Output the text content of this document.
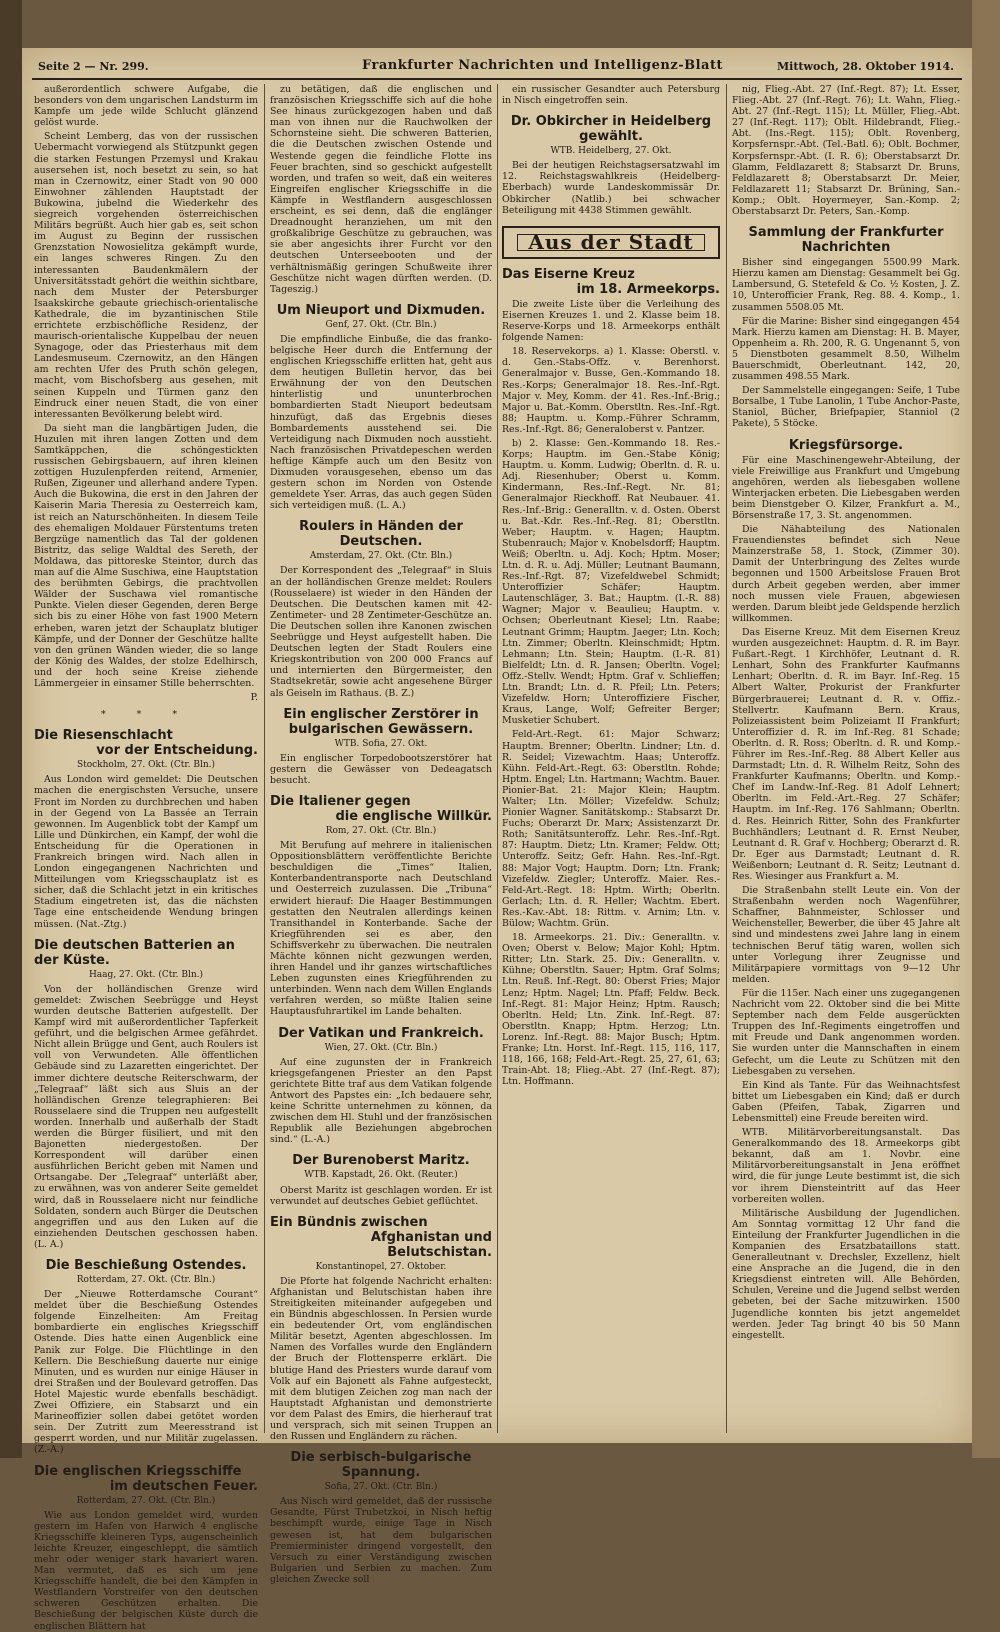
Seite 2 — Nr. 299.	Frankfurter Nachrichten und Intelligenz-Blatt	Mittwoch, 28. Oktober 1914.

außerordentlich schwere Aufgabe, die besonders von dem ungarischen Landsturm im Kampfe um jede wilde Schlucht glänzend gelöst wurde.

Scheint Lemberg, das von der russischen Uebermacht vorwiegend als Stützpunkt gegen die starken Festungen Przemysl und Krakau ausersehen ist, noch besetzt zu sein, so hat man in Czernowitz, einer Stadt von 90 000 Einwohner zählenden Hauptstadt der Bukowina, jubelnd die Wiederkehr des siegreich vorgehenden österreichischen Militärs begrüßt. Auch hier gab es, seit schon im August zu Beginn der russischen Grenzstation Nowosielitza gekämpft wurde, ein langes schweres Ringen. Zu den interessanten Baudenkmälern der Universitätsstadt gehört die weithin sichtbare, nach dem Muster der Petersburger Isaakskirche gebaute griechisch-orientalische Kathedrale, die im byzantinischen Stile errichtete erzbischöfliche Residenz, der maurisch-orientalische Kuppelbau der neuen Synagoge, oder das Priesterhaus mit dem Landesmuseum. Czernowitz, an den Hängen am rechten Ufer des Pruth schön gelegen, macht, vom Bischofsberg aus gesehen, mit seinen Kuppeln und Türmen ganz den Eindruck einer neuen Stadt, die von einer interessanten Bevölkerung belebt wird.

Da sieht man die langbärtigen Juden, die Huzulen mit ihren langen Zotten und dem Samtkäppchen, die schöngestickten russischen Gebirgsbauern, auf ihren kleinen zottigen Huzulenpferden reitend, Armenier, Rußen, Zigeuner und allerhand andere Typen. Auch die Bukowina, die erst in den Jahren der Kaiserin Maria Theresia zu Oesterreich kam, ist reich an Naturschönheiten. In diesem Teile des ehemaligen Moldauer Fürstentums treten Bergzüge namentlich das Tal der goldenen Bistritz, das selige Waldtal des Sereth, der Moldawa, das pittoreske Steintor, durch das man auf die Alme Suschiwa, eine Hauptstation des berühmten Gebirgs, die prachtvollen Wälder der Suschawa viel romantische Punkte. Vielen dieser Gegenden, deren Berge sich bis zu einer Höhe von fast 1900 Metern erheben, waren jetzt der Schauplatz blutiger Kämpfe, und der Donner der Geschütze hallte von den grünen Wänden wieder, die so lange der König des Waldes, der stolze Edelhirsch, und der hoch seine Kreise ziehende Lämmergeier in einsamer Stille beherrschten.

P.
* * *
Die Riesenschlacht
vor der Entscheidung.
Stockholm, 27. Okt. (Ctr. Bln.)

Aus London wird gemeldet: Die Deutschen machen die energischsten Versuche, unsere Front im Norden zu durchbrechen und haben in der Gegend von La Bassée an Terrain gewonnen. Im Augenblick tobt der Kampf um Lille und Dünkirchen, ein Kampf, der wohl die Entscheidung für die Operationen in Frankreich bringen wird. Nach allen in London eingegangenen Nachrichten und Mitteilungen vom Kriegsschauplatz ist es sicher, daß die Schlacht jetzt in ein kritisches Stadium eingetreten ist, das die nächsten Tage eine entscheidende Wendung bringen müssen. (Nat.-Ztg.)

Die deutschen Batterien an der Küste.
Haag, 27. Okt. (Ctr. Bln.)

Von der holländischen Grenze wird gemeldet: Zwischen Seebrügge und Heyst wurden deutsche Batterien aufgestellt. Der Kampf wird mit außerordentlicher Tapferkeit geführt, und die belgischen Armee gefährdet. Nicht allein Brügge und Gent, auch Roulers ist voll von Verwundeten. Alle öffentlichen Gebäude sind zu Lazaretten eingerichtet. Der immer dichtere deutsche Reiterschwarm, der „Telegraaf“ läßt sich aus Sluis an der holländischen Grenze telegraphieren: Bei Rousselaere sind die Truppen neu aufgestellt worden. Innerhalb und außerhalb der Stadt werden die Bürger füsiliert, und mit den Bajonetten niedergestoßen. Der Korrespondent will darüber einen ausführlichen Bericht geben mit Namen und Ortsangabe. Der „Telegraaf“ unterläßt aber, zu erwähnen, was von anderer Seite gemeldet wird, daß in Rousselaere nicht nur feindliche Soldaten, sondern auch Bürger die Deutschen angegriffen und aus den Luken auf die einziehenden Deutschen geschossen haben. (L. A.)

Die Beschießung Ostendes.
Rotterdam, 27. Okt. (Ctr. Bln.)

Der „Nieuwe Rotterdamsche Courant“ meldet über die Beschießung Ostendes folgende Einzelheiten: Am Freitag bombardierte ein englisches Kriegsschiff Ostende. Dies hatte einen Augenblick eine Panik zur Folge. Die Flüchtlinge in den Kellern. Die Beschießung dauerte nur einige Minuten, und es wurden nur einige Häuser in drei Straßen und der Boulevard getroffen. Das Hotel Majestic wurde ebenfalls beschädigt. Zwei Offiziere, ein Stabsarzt und ein Marineoffizier sollen dabei getötet worden sein. Der Zutritt zum Meeresstrand ist gesperrt worden, und nur Militär zugelassen. (Z.-A.)

Die englischen Kriegsschiffe
im deutschen Feuer.
Rotterdam, 27. Okt. (Ctr. Bln.)

Wie aus London gemeldet wird, wurden gestern im Hafen von Harwich 4 englische Kriegsschiffe kleineren Typs, augenscheinlich leichte Kreuzer, eingeschleppt, die sämtlich mehr oder weniger stark havariert waren. Man vermutet, daß es sich um jene Kriegsschiffe handelt, die bei den Kämpfen in Westflandern Vorstreifer von den deutschen schweren Geschützen erhalten. Die Beschießung der belgischen Küste durch die englischen Blättern hat

zu betätigen, daß die englischen und französischen Kriegsschiffe sich auf die hohe See hinaus zurückgezogen haben und daß man von ihnen nur die Rauchwolken der Schornsteine sieht. Die schweren Batterien, die die Deutschen zwischen Ostende und Westende gegen die feindliche Flotte ins Feuer brachten, sind so geschickt aufgestellt worden, und trafen so weit, daß ein weiteres Eingreifen englischer Kriegsschiffe in die Kämpfe in Westflandern ausgeschlossen erscheint, es sei denn, daß die englänger Dreadnought heranziehen, um mit den großkalibrige Geschütze zu gebrauchen, was sie aber angesichts ihrer Furcht vor den deutschen Unterseebooten und der verhältnismäßig geringen Schußweite ihrer Geschütze nicht wagen dürften werden. (D. Tageszig.)

Um Nieuport und Dixmuden.
Genf, 27. Okt. (Ctr. Bln.)

Die empfindliche Einbuße, die das franko-belgische Heer durch die Entfernung der englischen Kriegsschiffe erlitten hat, geht aus dem heutigen Bulletin hervor, das bei Erwähnung der von den Deutschen hinterlistig und ununterbrochen bombardierten Stadt Nieuport bedeutsam hinzufügt, daß das Ergebnis dieses Bombardements ausstehend sei. Die Verteidigung nach Dixmuden noch ausstieht. Nach französischen Privatdepeschen werden heftige Kämpfe auch um den Besitz von Dixmuden vorausgesehen, ebenso um das gestern schon im Norden von Ostende gemeldete Yser. Arras, das auch gegen Süden sich verteidigen muß. (L. A.)

Roulers in Händen der Deutschen.
Amsterdam, 27. Okt. (Ctr. Bln.)

Der Korrespondent des „Telegraaf“ in Sluis an der holländischen Grenze meldet: Roulers (Rousselaere) ist wieder in den Händen der Deutschen. Die Deutschen kamen mit 42-Zentimeter- und 28 Zentimeter-Geschütze an. Die Deutschen sollen ihre Kanonen zwischen Seebrügge und Heyst aufgestellt haben. Die Deutschen legten der Stadt Roulers eine Kriegskontribution von 200 000 Francs auf und internierten den Bürgermeister, den Stadtsekretär, sowie acht angesehene Bürger als Geiseln im Rathaus. (B. Z.)

Ein englischer Zerstörer in bulgarischen Gewässern.
WTB. Sofia, 27. Okt.

Ein englischer Torpedobootszerstörer hat gestern die Gewässer von Dedeagatsch besucht.

Die Italiener gegen
die englische Willkür.
Rom, 27. Okt. (Ctr. Bln.)

Mit Berufung auf mehrere in italienischen Oppositionsblättern veröffentlichte Berichte beschuldigen die „Times“ Italien, Konterbandentransporte nach Deutschland und Oesterreich zuzulassen. Die „Tribuna“ erwidert hierauf: Die Haager Bestimmungen gestatten den Neutralen allerdings keinen Transithandel in Konterbande. Sache der Kriegführenden sei es aber, den Schiffsverkehr zu überwachen. Die neutralen Mächte können nicht gezwungen werden, ihren Handel und ihr ganzes wirtschaftliches Leben zugunsten eines Kriegführenden zu unterbinden. Wenn nach dem Willen Englands verfahren werden, so müßte Italien seine Hauptausfuhrartikel im Lande behalten.

Der Vatikan und Frankreich.
Wien, 27. Okt. (Ctr. Bln.)

Auf eine zugunsten der in Frankreich kriegsgefangenen Priester an den Papst gerichtete Bitte traf aus dem Vatikan folgende Antwort des Papstes ein: „Ich bedauere sehr, keine Schritte unternehmen zu können, da zwischen dem Hl. Stuhl und der französischen Republik alle Beziehungen abgebrochen sind.“ (L.-A.)

Der Burenoberst Maritz.
WTB. Kapstadt, 26. Okt. (Reuter.)

Oberst Maritz ist geschlagen worden. Er ist verwundet auf deutsches Gebiet geflüchtet.

Ein Bündnis zwischen
Afghanistan und Belutschistan.
Konstantinopel, 27. Oktober.

Die Pforte hat folgende Nachricht erhalten: Afghanistan und Belutschistan haben ihre Streitigkeiten miteinander aufgegeben und ein Bündnis abgeschlossen. In Persien wurde ein bedeutender Ort, vom engländischen Militär besetzt, Agenten abgeschlossen. Im Namen des Vorfalles wurde den Engländern der Bruch der Flottensperre erklärt. Die blutige Hand des Priesters wurde darauf vom Volk auf ein Bajonett als Fahne aufgesteckt, mit dem blutigen Zeichen zog man nach der Hauptstadt Afghanistan und demonstrierte vor dem Palast des Emirs, die hierherauf trat und versprach, sich mit seinen Truppen an den Russen und Engländern zu rächen.

Die serbisch-bulgarische Spannung.
Sofia, 27. Okt. (Ctr. Bln.)

Aus Nisch wird gemeldet, daß der russische Gesandte, Fürst Trubetzkoi, in Nisch heftig beschimpft wurde, einige Tage in Nisch gewesen ist, hat dem bulgarischen Premierminister dringend vorgestellt, den Versuch zu einer Verständigung zwischen Bulgarien und Serbien zu machen. Zum gleichen Zwecke soll

ein russischer Gesandter auch Petersburg in Nisch eingetroffen sein.

Dr. Obkircher in Heidelberg gewählt.
WTB. Heidelberg, 27. Okt.

Bei der heutigen Reichstagsersatzwahl im 12. Reichstagswahlkreis (Heidelberg-Eberbach) wurde Landeskommissär Dr. Obkircher (Natlib.) bei schwacher Beteiligung mit 4438 Stimmen gewählt.

Aus der Stadt
Das Eiserne Kreuz
im 18. Armeekorps.

Die zweite Liste über die Verleihung des Eisernen Kreuzes 1. und 2. Klasse beim 18. Reserve-Korps und 18. Armeekorps enthält folgende Namen:

18. Reservekorps. a) 1. Klasse: Oberstl. v. d. Gen.-Stabs-Offz. v. Berenhorst. Generalmajor v. Busse, Gen.-Kommando 18. Res.-Korps; Generalmajor 18. Res.-Inf.-Rgt. Major v. Mey, Komm. der 41. Res.-Inf.-Brig.; Major u. Bat.-Komm. Oberstltn. Res.-Inf.-Rgt. 88; Hauptm. u. Komp.-Führer Schramm, Res.-Inf.-Rgt. 86; Generaloberst v. Pantzer.

b) 2. Klasse: Gen.-Kommando 18. Res.-Korps; Hauptm. im Gen.-Stabe König; Hauptm. u. Komm. Ludwig; Oberltn. d. R. u. Adj. Riesenhuber; Oberst u. Komm. Kindermann, Res.-Inf.-Regt. Nr. 81; Generalmajor Rieckhoff. Rat Neubauer. 41. Res.-Inf.-Brig.: Generalltn. v. d. Osten. Oberst u. Bat.-Kdr. Res.-Inf.-Reg. 81; Oberstltn. Weber; Hauptm. v. Hagen; Hauptm. Stubenrauch; Major v. Knobelsdorff; Hauptm. Weiß; Oberltn. u. Adj. Koch; Hptm. Moser; Ltn. d. R. u. Adj. Müller; Leutnant Baumann, Res.-Inf.-Rgt. 87; Vizefeldwebel Schmidt; Unteroffizier Schäfer; Hauptm. Lautenschläger, 3. Bat.; Hauptm. (I.-R. 88) Wagner; Major v. Beaulieu; Hauptm. v. Ochsen; Oberleutnant Kiesel; Ltn. Raabe; Leutnant Grimm; Hauptm. Jaeger; Ltn. Koch; Ltn. Zimmer; Oberltn. Kleinschmidt; Hptm. Lehmann; Ltn. Stein; Hauptm. (I.-R. 81) Bielfeldt; Ltn. d. R. Jansen; Oberltn. Vogel; Offz.-Stellv. Wendt; Hptm. Graf v. Schlieffen; Ltn. Brandt; Ltn. d. R. Pfeil; Ltn. Peters; Vizefeldw. Horn; Unteroffiziere Fischer, Kraus, Lange, Wolf; Gefreiter Berger; Musketier Schubert.

Feld-Art.-Regt. 61: Major Schwarz; Hauptm. Brenner; Oberltn. Lindner; Ltn. d. R. Seidel; Vizewachtm. Haas; Unteroffz. Kühn. Feld-Art.-Regt. 63: Oberstltn. Rohde; Hptm. Engel; Ltn. Hartmann; Wachtm. Bauer. Pionier-Bat. 21: Major Klein; Hauptm. Walter; Ltn. Möller; Vizefeldw. Schulz; Pionier Wagner. Sanitätskomp.: Stabsarzt Dr. Fuchs; Oberarzt Dr. Marx; Assistenzarzt Dr. Roth; Sanitätsunteroffz. Lehr. Res.-Inf.-Rgt. 87: Hauptm. Dietz; Ltn. Kramer; Feldw. Ott; Unteroffz. Seitz; Gefr. Hahn. Res.-Inf.-Rgt. 88: Major Vogt; Hauptm. Dorn; Ltn. Frank; Vizefeldw. Ziegler; Unteroffz. Maier. Res.-Feld-Art.-Regt. 18: Hptm. Wirth; Oberltn. Gerlach; Ltn. d. R. Heller; Wachtm. Ebert. Res.-Kav.-Abt. 18: Rittm. v. Arnim; Ltn. v. Bülow; Wachtm. Grün.

18. Armeekorps. 21. Div.: Generalltn. v. Oven; Oberst v. Below; Major Kohl; Hptm. Ritter; Ltn. Stark. 25. Div.: Generalltn. v. Kühne; Oberstltn. Sauer; Hptm. Graf Solms; Ltn. Reuß. Inf.-Regt. 80: Oberst Fries; Major Lenz; Hptm. Nagel; Ltn. Pfaff; Feldw. Beck. Inf.-Regt. 81: Major Heinz; Hptm. Rausch; Oberltn. Held; Ltn. Zink. Inf.-Regt. 87: Oberstltn. Knapp; Hptm. Herzog; Ltn. Lorenz. Inf.-Regt. 88: Major Busch; Hptm. Franke; Ltn. Horst. Inf.-Regt. 115, 116, 117, 118, 166, 168; Feld-Art.-Regt. 25, 27, 61, 63; Train-Abt. 18; Flieg.-Abt. 27 (Inf.-Regt. 87); Ltn. Hoffmann.

nig, Flieg.-Abt. 27 (Inf.-Regt. 87); Lt. Esser, Flieg.-Abt. 27 (Inf.-Regt. 76); Lt. Wahn, Flieg.-Abt. 27 (Inf.-Regt. 115); Lt. Müller, Flieg.-Abt. 27 (Inf.-Regt. 117); Oblt. Hildebrandt, Flieg.-Abt. (Ins.-Regt. 115); Oblt. Rovenberg, Korpsfernspr.-Abt. (Tel.-Batl. 6); Oblt. Bochmer, Korpsfernspr.-Abt. (I. R. 6); Oberstabsarzt Dr. Glamm, Feldlazarett 8; Stabsarzt Dr. Bruns, Feldlazarett 8; Oberstabsarzt Dr. Meier, Feldlazarett 11; Stabsarzt Dr. Brüning, San.-Komp.; Oblt. Hoyermeyer, San.-Komp. 2; Oberstabsarzt Dr. Peters, San.-Komp.

Sammlung der Frankfurter Nachrichten

Bisher sind eingegangen 5500.99 Mark. Hierzu kamen am Dienstag: Gesammelt bei Gg. Lambersund, G. Stetefeld & Co. ½ Kosten, J. Z. 10, Unterofficier Frank, Reg. 88. 4. Komp., 1. zusammen 5508.05 Mt.

Für die Marine: Bisher sind eingegangen 454 Mark. Hierzu kamen am Dienstag: H. B. Mayer, Oppenheim a. Rh. 200, R. G. Ungenannt 5, von 5 Dienstboten gesammelt 8.50, Wilhelm Bauerschmidt, Oberleutnant. 142, 20, zusammen 498.55 Mark.

Der Sammelstelle eingegangen: Seife, 1 Tube Borsalbe, 1 Tube Lanolin, 1 Tube Anchor-Paste, Staniol, Bücher, Briefpapier, Stanniol (2 Pakete), 5 Stöcke.

Kriegsfürsorge.

Für eine Maschinengewehr-Abteilung, der viele Freiwillige aus Frankfurt und Umgebung angehören, werden als liebesgaben wollene Winterjacken erbeten. Die Liebesgaben werden beim Dienstgeber O. Kilzer, Frankfurt a. M., Börsenstraße 17, 3. St. angenommen.

Die Nähabteilung des Nationalen Frauendienstes befindet sich Neue Mainzerstraße 58, 1. Stock, (Zimmer 30). Damit der Unterbringung des Zeltes wurde begonnen und 1500 Arbeitslose Frauen Brot durch Arbeit gegeben werden, aber immer noch mussen viele Frauen, abgewiesen werden. Darum bleibt jede Geldspende herzlich willkommen.

Das Eiserne Kreuz. Mit dem Eisernen Kreuz wurden ausgezeichnet: Hauptm. d. R. im Bayr. Fußart.-Regt. 1 Kirchhöfer, Leutnant d. R. Lenhart, Sohn des Frankfurter Kaufmanns Lenhart; Oberltn. d. R. im Bayr. Inf.-Reg. 15 Albert Walter, Prokurist der Frankfurter Bürgerbrauerei; Leutnant d. R. v. Offiz.-Stellvertr. Kaufmann Bern. Kraus, Polizeiassistent beim Polizeiamt II Frankfurt; Unteroffizier d. R. im Inf.-Reg. 81 Schade; Oberltn. d. R. Ross; Oberltn. d. R. und Komp.-Führer im Res.-Inf.-Reg. 88 Albert Keller aus Darmstadt; Ltn. d. R. Wilhelm Reitz, Sohn des Frankfurter Kaufmanns; Oberltn. und Komp.-Chef im Landw.-Inf.-Reg. 81 Adolf Lehnert; Oberltn. im Feld.-Art.-Reg. 27 Schäfer; Hauptm. im Inf.-Reg. 176 Sahlmann; Oberltn. d. Res. Heinrich Ritter, Sohn des Frankfurter Buchhändlers; Leutnant d. R. Ernst Neuber, Leutnant d. R. Graf v. Hochberg; Oberarzt d. R. Dr. Eger aus Darmstadt; Leutnant d. R. Weißenborn; Leutnant d. R. Seitz; Leutnant d. Res. Wiesinger aus Frankfurt a. M.

Die Straßenbahn stellt Leute ein. Von der Straßenbahn werden noch Wagenführer, Schaffner, Bahnmeister, Schlosser und Weichensteller, Bewerber, die über 45 Jahre alt sind und mindestens zwei Jahre lang in einem technischen Beruf tätig waren, wollen sich unter Vorlegung ihrer Zeugnisse und Militärpapiere vormittags von 9—12 Uhr melden.

Für die 115er. Nach einer uns zugegangenen Nachricht vom 22. Oktober sind die bei Mitte September nach dem Felde ausgerückten Truppen des Inf.-Regiments eingetroffen und mit Freude und Dank angenommen worden. Sie wurden unter die Mannschaften in einem Gefecht, um die Leute zu Schützen mit den Liebesgaben zu versehen.

Ein Kind als Tante. Für das Weihnachtsfest bittet um Liebesgaben ein Kind; daß er durch Gaben (Pfeifen, Tabak, Zigarren und Lebensmittel) eine Freude bereiten wird.

WTB. Militärvorbereitungsanstalt. Das Generalkommando des 18. Armeekorps gibt bekannt, daß am 1. Novbr. eine Militärvorbereitungsanstalt in Jena eröffnet wird, die für junge Leute bestimmt ist, die sich vor ihrem Diensteintritt auf das Heer vorbereiten wollen.

Militärische Ausbildung der Jugendlichen. Am Sonntag vormittag 12 Uhr fand die Einteilung der Frankfurter Jugendlichen in die Kompanien des Ersatzbataillons statt. Generalleutnant v. Drechsler, Exzellenz, hielt eine Ansprache an die Jugend, die in den Kriegsdienst eintreten will. Alle Behörden, Schulen, Vereine und die Jugend selbst werden gebeten, bei der Sache mitzuwirken. 1500 Jugendliche konnten bis jetzt angemeldet werden. Jeder Tag bringt 40 bis 50 Mann eingestellt.
